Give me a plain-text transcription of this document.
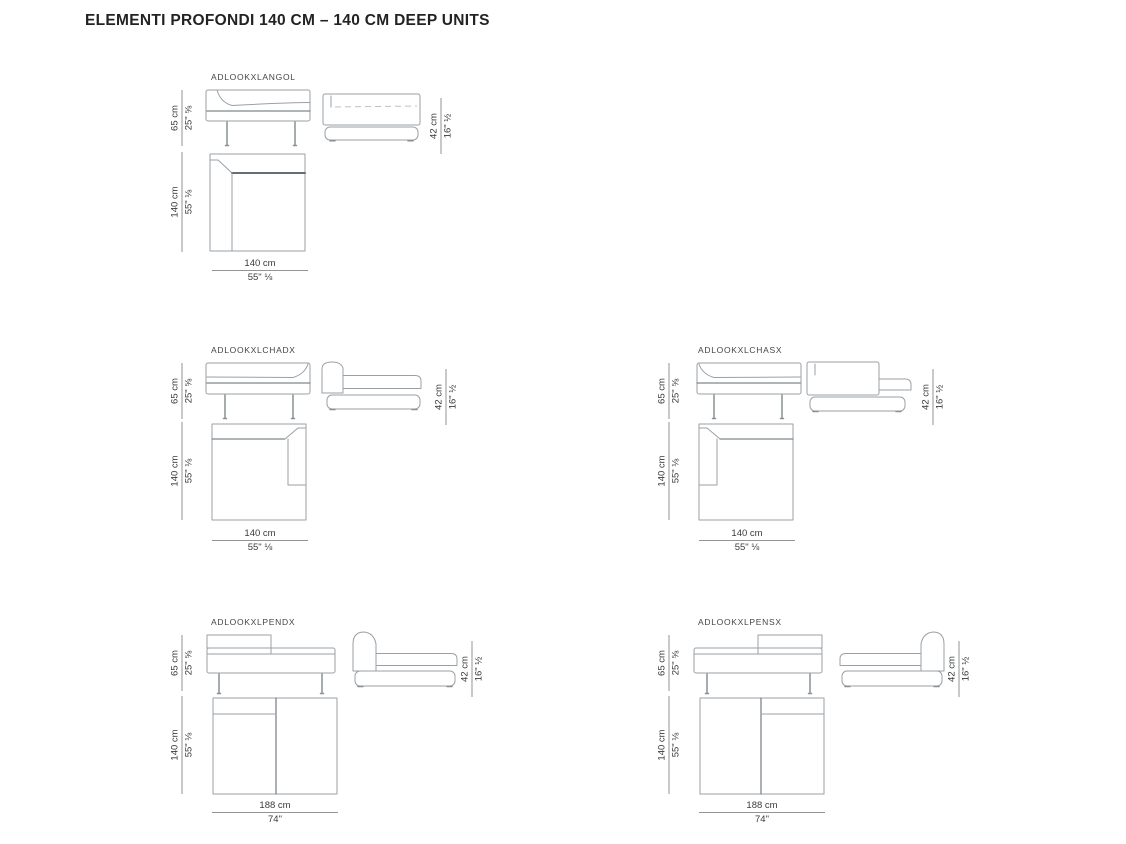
ELEMENTI PROFONDI 140 CM – 140 CM DEEP UNITS
ADLOOKXLANGOL
65 cm 25" ⅝	42 cm 16" ½
140 cm 55" ⅛
140 cm
55" ⅛
ADLOOKXLCHADX
65 cm 25" ⅝	42 cm 16" ½
140 cm 55" ⅛
140 cm
55" ⅛
ADLOOKXLCHASX
65 cm 25" ⅝	42 cm 16" ½
140 cm 55" ⅛
140 cm
55" ⅛
ADLOOKXLPENDX
65 cm 25" ⅝	42 cm 16" ½
140 cm 55" ⅛
188 cm
74"
ADLOOKXLPENSX
65 cm 25" ⅝	42 cm 16" ½
140 cm 55" ⅛
188 cm
74"
